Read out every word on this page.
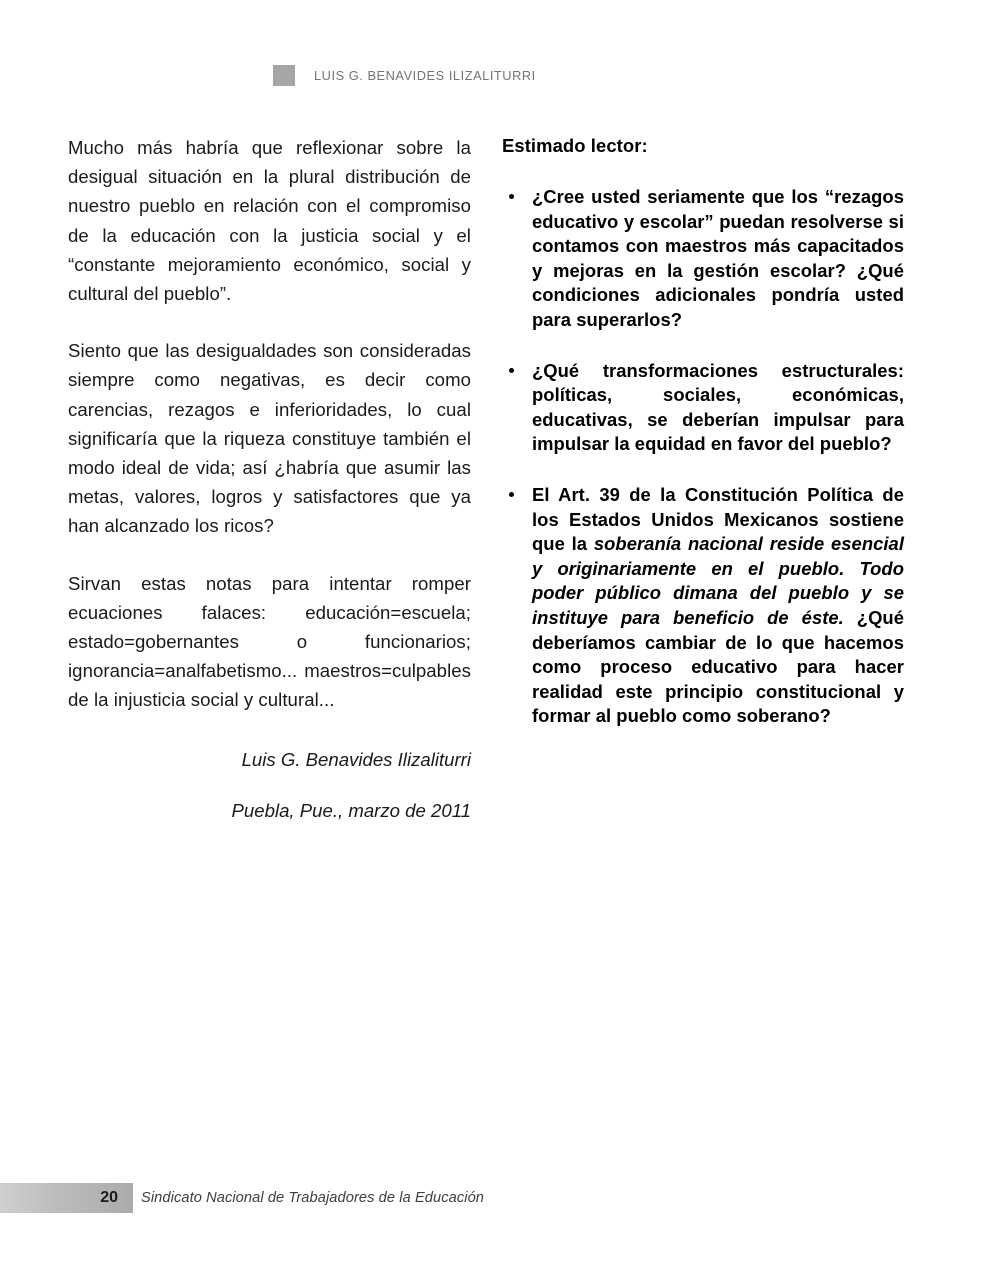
LUIS G. BENAVIDES ILIZALITURRI

Mucho más habría que reflexionar sobre la desigual situación en la plural distribución de nuestro pueblo en relación con el compromiso de la educación con la justicia social y el “constante mejoramiento económico, social y cultural del pueblo”.

Siento que las desigualdades son consideradas siempre como negativas, es decir como carencias, rezagos e inferioridades, lo cual significaría que la riqueza constituye también el modo ideal de vida; así ¿habría que asumir las metas, valores, logros y satisfactores que ya han alcanzado los ricos?

Sirvan estas notas para intentar romper ecuaciones falaces: educación=escuela; estado=gobernantes o funcionarios; ignorancia=analfabetismo... maestros=culpables de la injusticia social y cultural...

Luis G. Benavides Ilizaliturri

Puebla, Pue., marzo de 2011

Estimado lector:

¿Cree usted seriamente que los “rezagos educativo y escolar” puedan resolverse si contamos con maestros más capacitados y mejoras en la gestión escolar? ¿Qué condiciones adicionales pondría usted para superarlos?
¿Qué transformaciones estructurales: políticas, sociales, económicas, educativas, se deberían impulsar para impulsar la equidad en favor del pueblo?
El Art. 39 de la Constitución Política de los Estados Unidos Mexicanos sostiene que la soberanía nacional reside esencial y originariamente en el pueblo. Todo poder público dimana del pueblo y se instituye para beneficio de éste. ¿Qué deberíamos cambiar de lo que hacemos como proceso educativo para hacer realidad este principio constitucional y formar al pueblo como soberano?
20 Sindicato Nacional de Trabajadores de la Educación
